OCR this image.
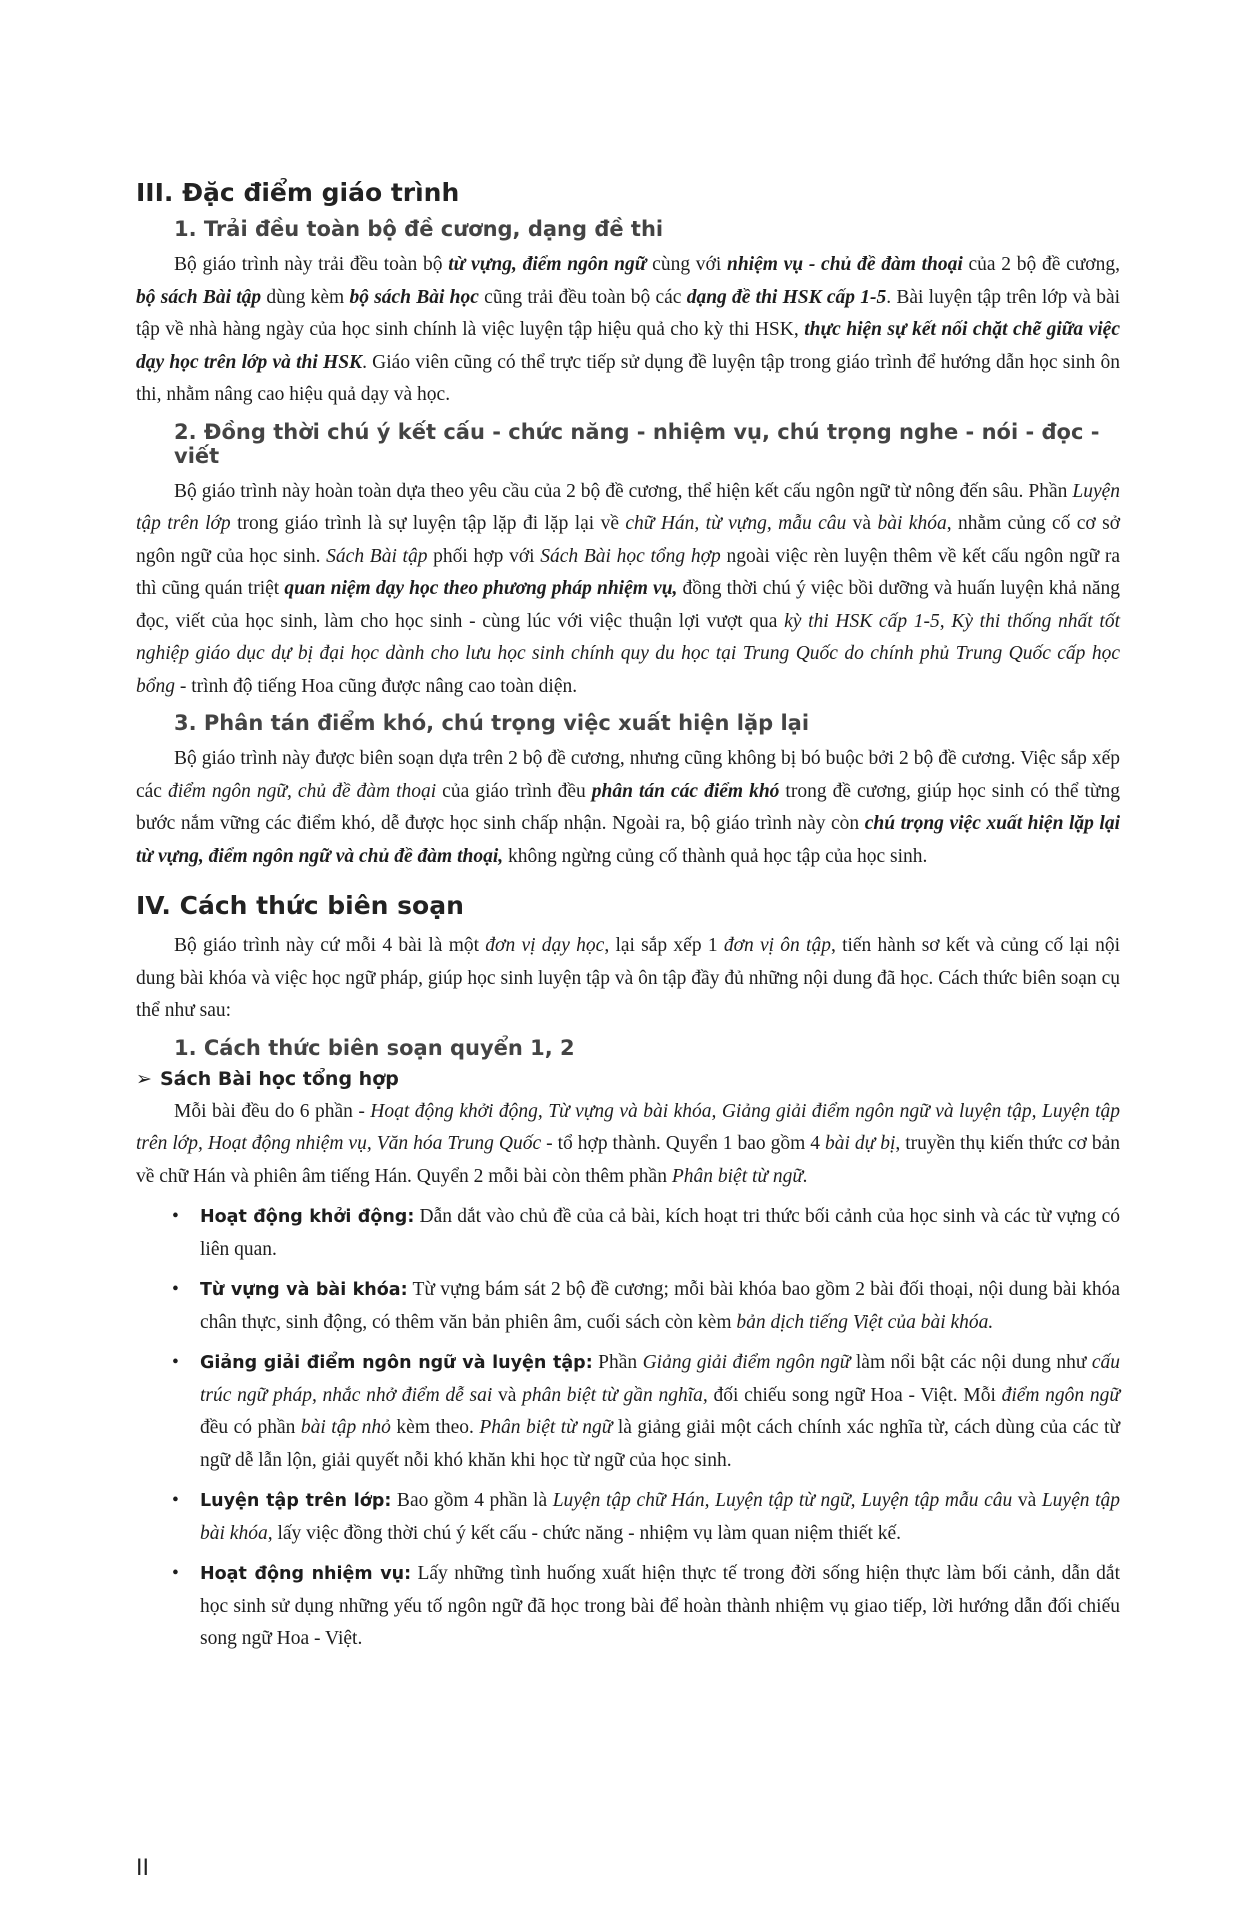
III. Đặc điểm giáo trình
1. Trải đều toàn bộ đề cương, dạng đề thi

Bộ giáo trình này trải đều toàn bộ từ vựng, điểm ngôn ngữ cùng với nhiệm vụ - chủ đề đàm thoại của 2 bộ đề cương, bộ sách Bài tập dùng kèm bộ sách Bài học cũng trải đều toàn bộ các dạng đề thi HSK cấp 1-5. Bài luyện tập trên lớp và bài tập về nhà hàng ngày của học sinh chính là việc luyện tập hiệu quả cho kỳ thi HSK, thực hiện sự kết nối chặt chẽ giữa việc dạy học trên lớp và thi HSK. Giáo viên cũng có thể trực tiếp sử dụng đề luyện tập trong giáo trình để hướng dẫn học sinh ôn thi, nhằm nâng cao hiệu quả dạy và học.

2. Đồng thời chú ý kết cấu - chức năng - nhiệm vụ, chú trọng nghe - nói - đọc - viết

Bộ giáo trình này hoàn toàn dựa theo yêu cầu của 2 bộ đề cương, thể hiện kết cấu ngôn ngữ từ nông đến sâu. Phần Luyện tập trên lớp trong giáo trình là sự luyện tập lặp đi lặp lại về chữ Hán, từ vựng, mẫu câu và bài khóa, nhằm củng cố cơ sở ngôn ngữ của học sinh. Sách Bài tập phối hợp với Sách Bài học tổng hợp ngoài việc rèn luyện thêm về kết cấu ngôn ngữ ra thì cũng quán triệt quan niệm dạy học theo phương pháp nhiệm vụ, đồng thời chú ý việc bồi dưỡng và huấn luyện khả năng đọc, viết của học sinh, làm cho học sinh - cùng lúc với việc thuận lợi vượt qua kỳ thi HSK cấp 1-5, Kỳ thi thống nhất tốt nghiệp giáo dục dự bị đại học dành cho lưu học sinh chính quy du học tại Trung Quốc do chính phủ Trung Quốc cấp học bổng - trình độ tiếng Hoa cũng được nâng cao toàn diện.

3. Phân tán điểm khó, chú trọng việc xuất hiện lặp lại

Bộ giáo trình này được biên soạn dựa trên 2 bộ đề cương, nhưng cũng không bị bó buộc bởi 2 bộ đề cương. Việc sắp xếp các điểm ngôn ngữ, chủ đề đàm thoại của giáo trình đều phân tán các điểm khó trong đề cương, giúp học sinh có thể từng bước nắm vững các điểm khó, dễ được học sinh chấp nhận. Ngoài ra, bộ giáo trình này còn chú trọng việc xuất hiện lặp lại từ vựng, điểm ngôn ngữ và chủ đề đàm thoại, không ngừng củng cố thành quả học tập của học sinh.

IV. Cách thức biên soạn

Bộ giáo trình này cứ mỗi 4 bài là một đơn vị dạy học, lại sắp xếp 1 đơn vị ôn tập, tiến hành sơ kết và củng cố lại nội dung bài khóa và việc học ngữ pháp, giúp học sinh luyện tập và ôn tập đầy đủ những nội dung đã học. Cách thức biên soạn cụ thể như sau:

1. Cách thức biên soạn quyển 1, 2
➢ Sách Bài học tổng hợp

Mỗi bài đều do 6 phần - Hoạt động khởi động, Từ vựng và bài khóa, Giảng giải điểm ngôn ngữ và luyện tập, Luyện tập trên lớp, Hoạt động nhiệm vụ, Văn hóa Trung Quốc - tổ hợp thành. Quyển 1 bao gồm 4 bài dự bị, truyền thụ kiến thức cơ bản về chữ Hán và phiên âm tiếng Hán. Quyển 2 mỗi bài còn thêm phần Phân biệt từ ngữ.

• Hoạt động khởi động: Dẫn dắt vào chủ đề của cả bài, kích hoạt tri thức bối cảnh của học sinh và các từ vựng có liên quan.
• Từ vựng và bài khóa: Từ vựng bám sát 2 bộ đề cương; mỗi bài khóa bao gồm 2 bài đối thoại, nội dung bài khóa chân thực, sinh động, có thêm văn bản phiên âm, cuối sách còn kèm bản dịch tiếng Việt của bài khóa.
• Giảng giải điểm ngôn ngữ và luyện tập: Phần Giảng giải điểm ngôn ngữ làm nổi bật các nội dung như cấu trúc ngữ pháp, nhắc nhở điểm dễ sai và phân biệt từ gần nghĩa, đối chiếu song ngữ Hoa - Việt. Mỗi điểm ngôn ngữ đều có phần bài tập nhỏ kèm theo. Phân biệt từ ngữ là giảng giải một cách chính xác nghĩa từ, cách dùng của các từ ngữ dễ lẫn lộn, giải quyết nỗi khó khăn khi học từ ngữ của học sinh.
• Luyện tập trên lớp: Bao gồm 4 phần là Luyện tập chữ Hán, Luyện tập từ ngữ, Luyện tập mẫu câu và Luyện tập bài khóa, lấy việc đồng thời chú ý kết cấu - chức năng - nhiệm vụ làm quan niệm thiết kế.
• Hoạt động nhiệm vụ: Lấy những tình huống xuất hiện thực tế trong đời sống hiện thực làm bối cảnh, dẫn dắt học sinh sử dụng những yếu tố ngôn ngữ đã học trong bài để hoàn thành nhiệm vụ giao tiếp, lời hướng dẫn đối chiếu song ngữ Hoa - Việt.
II
